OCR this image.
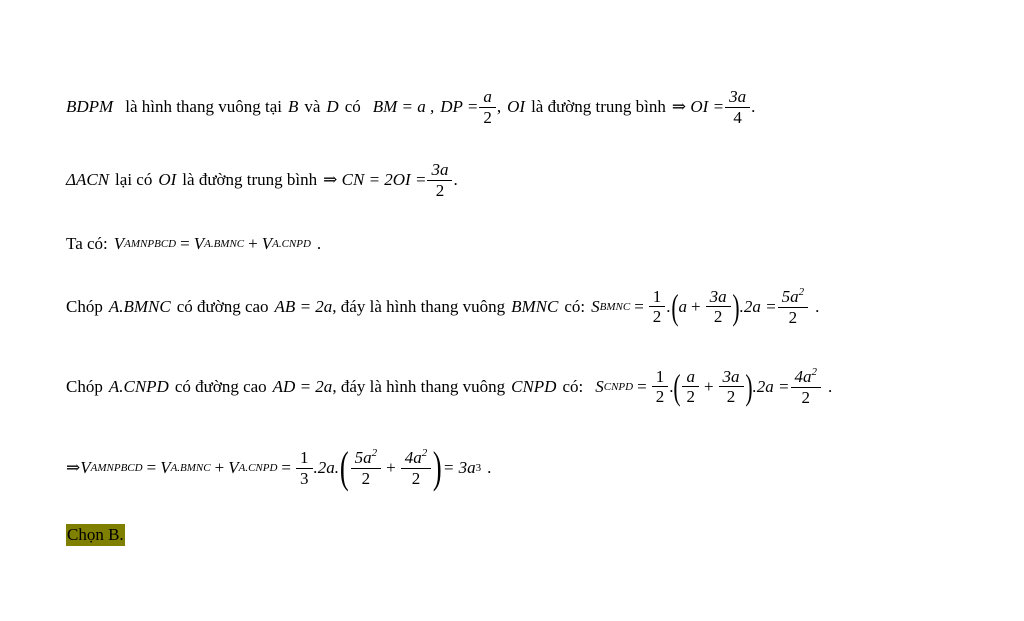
BDPM là hình thang vuông tại B và D có BM = a , DP = $\frac{a}{2}$ , OI là đường trung bình ⇒ OI = $\frac{3a}{4}$ .
ΔACN lại có OI là đường trung bình ⇒ CN = $2OI = \frac{3a}{2}$ .
Ta có: V AMNPBCD = V A.BMNC + V A.CNPD .
Chóp A.BMNC có đường cao AB = 2a , đáy là hình thang vuông BMNC có: S BMNC = $\frac{1}{2}$ . ( $a + \frac{3a}{2}$ ) $.2a = \frac{5a^2}{2}$ .
Chóp A.CNPD có đường cao AD = 2a , đáy là hình thang vuông CNPD có: S CNPD = $\frac{1}{2}$ . ( $\frac{a}{2} + \frac{3a}{2}$ ) $.2a = \frac{4a^2}{2}$ .
⇒ V AMNPBCD = V A.BMNC + V A.CNPD = $\frac{1}{3} .2a$. ( $\frac{5a^2}{2} + \frac{4a^2}{2}$ ) = 3a 3 .
Chọn B.
